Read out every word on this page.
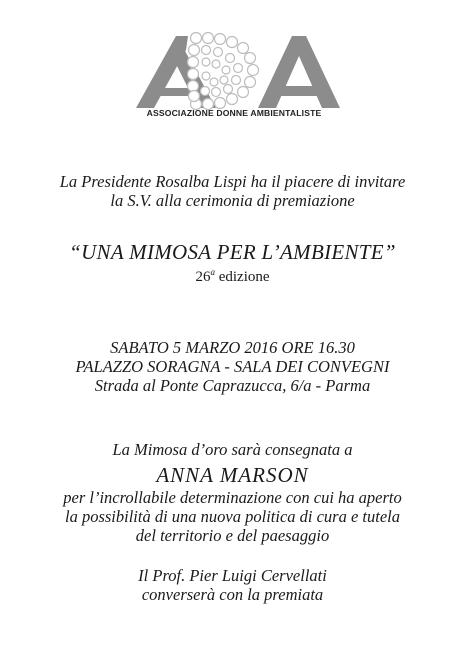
ASSOCIAZIONE DONNE AMBIENTALISTE
La Presidente Rosalba Lispi ha il piacere di invitare
la S.V. alla cerimonia di premiazione
“UNA MIMOSA PER L’AMBIENTE”
26$^a$ edizione
SABATO 5 MARZO 2016 ORE 16.30
PALAZZO SORAGNA - SALA DEI CONVEGNI
Strada al Ponte Caprazucca, 6/a - Parma
La Mimosa d’oro sarà consegnata a
ANNA MARSON
per l’incrollabile determinazione con cui ha aperto
la possibilità di una nuova politica di cura e tutela
del territorio e del paesaggio
Il Prof. Pier Luigi Cervellati
converserà con la premiata
